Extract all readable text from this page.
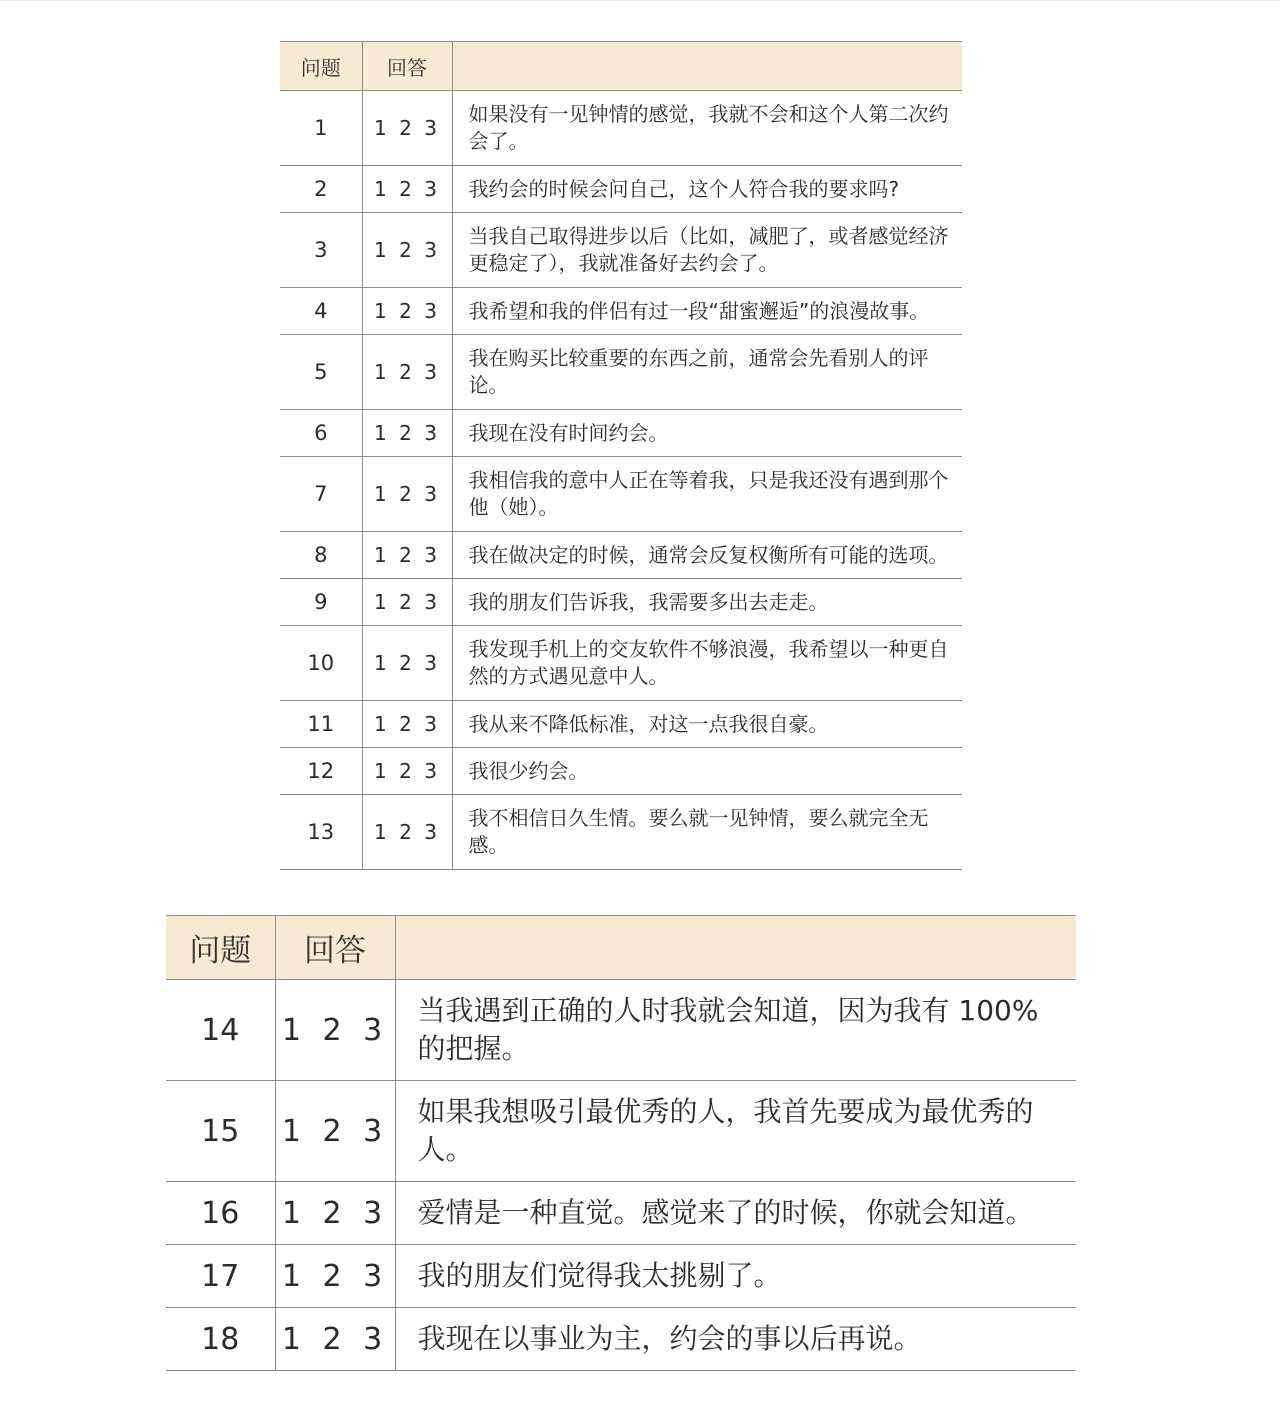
问题	回答	
1	1 2 3	如果没有一见钟情的感觉，我就不会和这个人第二次约会了。
2	1 2 3	我约会的时候会问自己，这个人符合我的要求吗?
3	1 2 3	当我自己取得进步以后（比如，减肥了，或者感觉经济更稳定了），我就准备好去约会了。
4	1 2 3	我希望和我的伴侣有过一段“甜蜜邂逅”的浪漫故事。
5	1 2 3	我在购买比较重要的东西之前，通常会先看别人的评论。
6	1 2 3	我现在没有时间约会。
7	1 2 3	我相信我的意中人正在等着我，只是我还没有遇到那个他（她）。
8	1 2 3	我在做决定的时候，通常会反复权衡所有可能的选项。
9	1 2 3	我的朋友们告诉我，我需要多出去走走。
10	1 2 3	我发现手机上的交友软件不够浪漫，我希望以一种更自然的方式遇见意中人。
11	1 2 3	我从来不降低标准，对这一点我很自豪。
12	1 2 3	我很少约会。
13	1 2 3	我不相信日久生情。要么就一见钟情，要么就完全无感。
问题	回答	
14	1 2 3	当我遇到正确的人时我就会知道，因为我有 100%的把握。
15	1 2 3	如果我想吸引最优秀的人，我首先要成为最优秀的人。
16	1 2 3	爱情是一种直觉。感觉来了的时候，你就会知道。
17	1 2 3	我的朋友们觉得我太挑剔了。
18	1 2 3	我现在以事业为主，约会的事以后再说。
